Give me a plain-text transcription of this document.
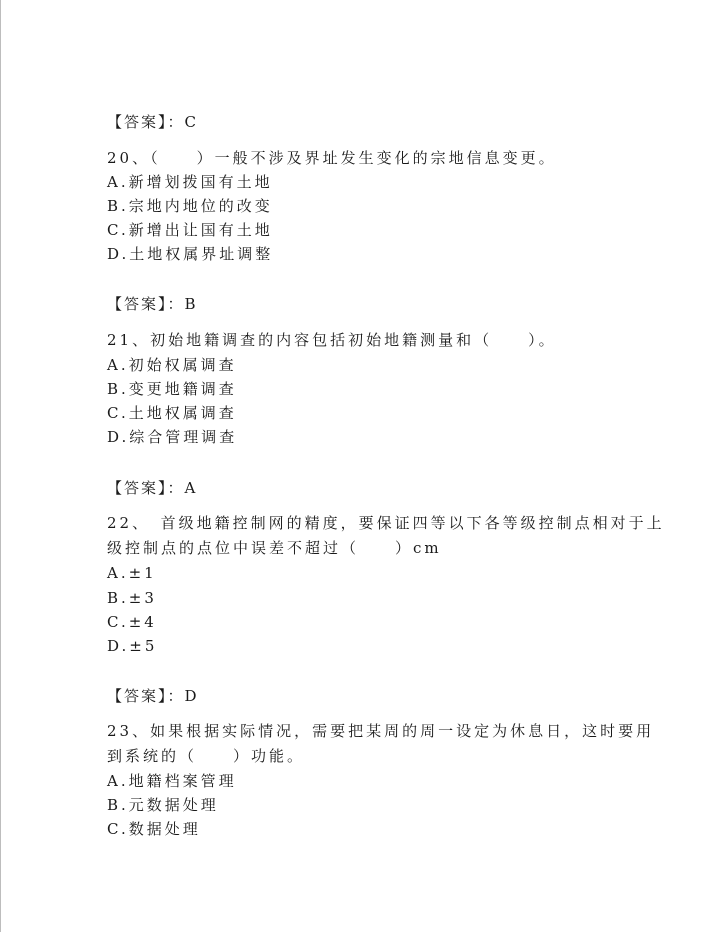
【答案】：C
20、（　　）一般不涉及界址发生变化的宗地信息变更。
A.新增划拨国有土地
B.宗地内地位的改变
C.新增出让国有土地
D.土地权属界址调整
【答案】：B
21、初始地籍调查的内容包括初始地籍测量和（　　）。
A.初始权属调查
B.变更地籍调查
C.土地权属调查
D.综合管理调查
【答案】：A
22、　首级地籍控制网的精度，要保证四等以下各等级控制点相对于上
级控制点的点位中误差不超过（　　）cm
A.±1
B.±3
C.±4
D.±5
【答案】：D
23、如果根据实际情况，需要把某周的周一设定为休息日，这时要用
到系统的（　　）功能。
A.地籍档案管理
B.元数据处理
C.数据处理
